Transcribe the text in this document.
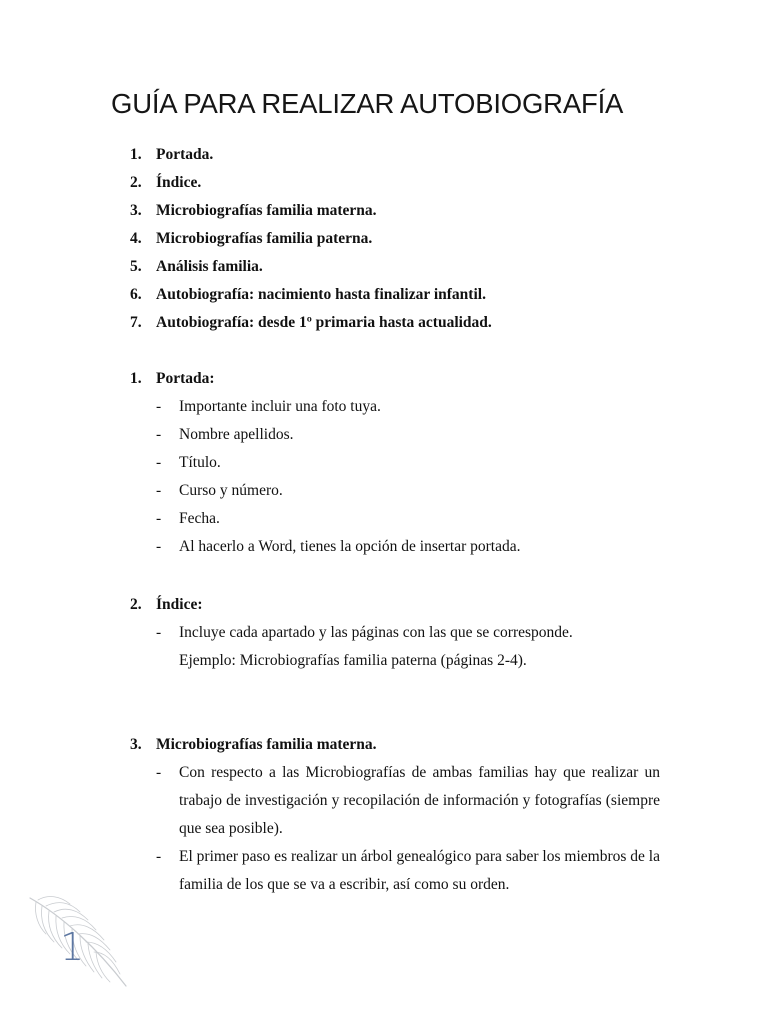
GUÍA PARA REALIZAR AUTOBIOGRAFÍA
1. Portada.
2. Índice.
3. Microbiografías familia materna.
4. Microbiografías familia paterna.
5. Análisis familia.
6. Autobiografía: nacimiento hasta finalizar infantil.
7. Autobiografía: desde 1º primaria hasta actualidad.
1. Portada:
- Importante incluir una foto tuya.
- Nombre apellidos.
- Título.
- Curso y número.
- Fecha.
- Al hacerlo a Word, tienes la opción de insertar portada.
2. Índice:
- Incluye cada apartado y las páginas con las que se corresponde.
Ejemplo: Microbiografías familia paterna (páginas 2-4).
3. Microbiografías familia materna.
- Con respecto a las Microbiografías de ambas familias hay que realizar un trabajo de investigación y recopilación de información y fotografías (siempre que sea posible).
- El primer paso es realizar un árbol genealógico para saber los miembros de la familia de los que se va a escribir, así como su orden.
1
